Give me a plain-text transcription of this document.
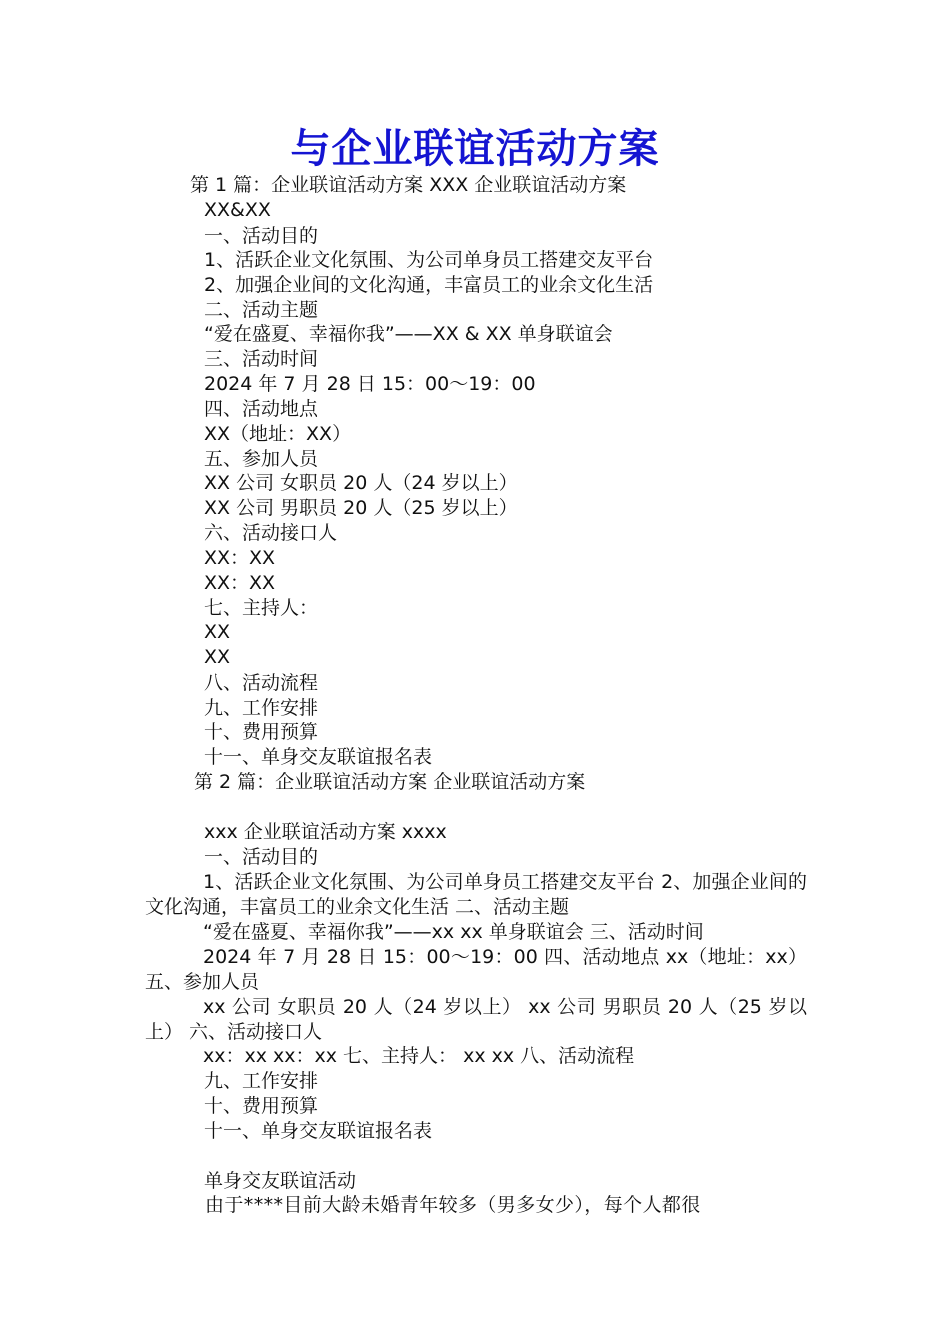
与企业联谊活动方案
第 1 篇：企业联谊活动方案 XXX 企业联谊活动方案
XX&XX
一、活动目的
1、活跃企业文化氛围、为公司单身员工搭建交友平台
2、加强企业间的文化沟通，丰富员工的业余文化生活
二、活动主题
“爱在盛夏、幸福你我”——XX & XX 单身联谊会
三、活动时间
2024 年 7 月 28 日 15：00～19：00
四、活动地点
XX（地址：XX）
五、参加人员
XX 公司 女职员 20 人（24 岁以上）
XX 公司 男职员 20 人（25 岁以上）
六、活动接口人
XX：XX
XX：XX
七、主持人：
XX
XX
八、活动流程
九、工作安排
十、费用预算
十一、单身交友联谊报名表
第 2 篇：企业联谊活动方案 企业联谊活动方案
xxx 企业联谊活动方案 xxxx
一、活动目的
1、活跃企业文化氛围、为公司单身员工搭建交友平台 2、加强企业间的文化沟通，丰富员工的业余文化生活 二、活动主题
“爱在盛夏、幸福你我”——xx xx 单身联谊会 三、活动时间
2024 年 7 月 28 日 15：00～19：00 四、活动地点 xx（地址：xx） 五、参加人员
xx 公司 女职员 20 人（24 岁以上） xx 公司 男职员 20 人（25 岁以上） 六、活动接口人
xx：xx xx：xx 七、主持人： xx xx 八、活动流程
九、工作安排
十、费用预算
十一、单身交友联谊报名表
单身交友联谊活动
由于****目前大龄未婚青年较多（男多女少），每个人都很
